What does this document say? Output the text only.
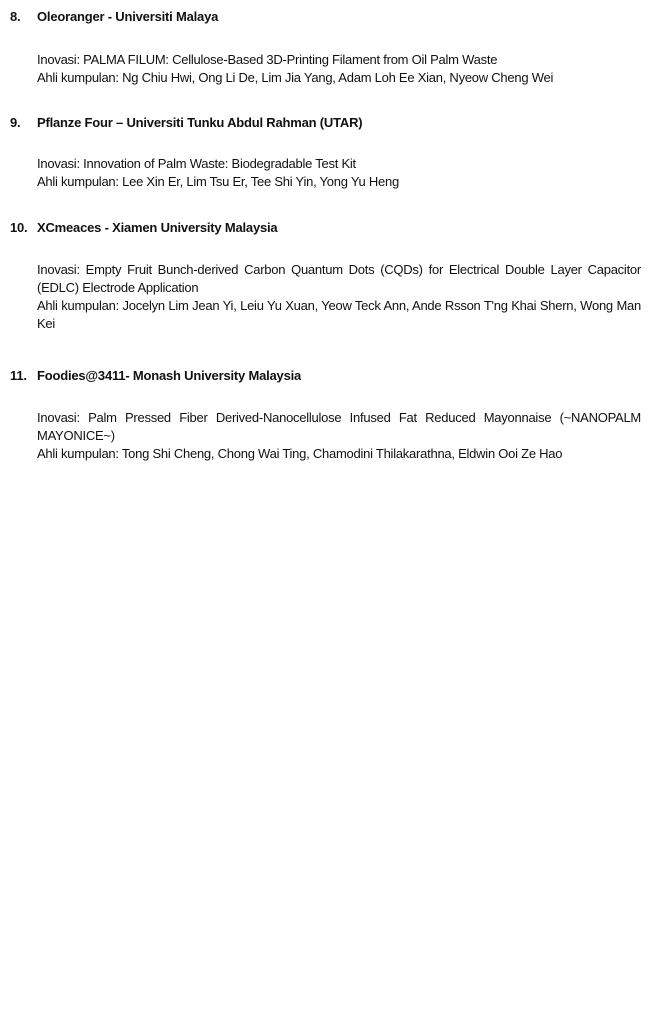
8. Oleoranger - Universiti Malaya

Inovasi: PALMA FILUM: Cellulose-Based 3D-Printing Filament from Oil Palm Waste

Ahli kumpulan: Ng Chiu Hwi, Ong Li De, Lim Jia Yang, Adam Loh Ee Xian, Nyeow Cheng Wei

9. Pflanze Four – Universiti Tunku Abdul Rahman (UTAR)

Inovasi: Innovation of Palm Waste: Biodegradable Test Kit

Ahli kumpulan: Lee Xin Er, Lim Tsu Er, Tee Shi Yin, Yong Yu Heng

10. XCmeaces - Xiamen University Malaysia

Inovasi: Empty Fruit Bunch-derived Carbon Quantum Dots (CQDs) for Electrical Double Layer Capacitor (EDLC) Electrode Application

Ahli kumpulan: Jocelyn Lim Jean Yi, Leiu Yu Xuan, Yeow Teck Ann, Ande Rsson T'ng Khai Shern, Wong Man Kei

11. Foodies@3411- Monash University Malaysia

Inovasi: Palm Pressed Fiber Derived-Nanocellulose Infused Fat Reduced Mayonnaise (~NANOPALM MAYONICE~)

Ahli kumpulan: Tong Shi Cheng, Chong Wai Ting, Chamodini Thilakarathna, Eldwin Ooi Ze Hao
